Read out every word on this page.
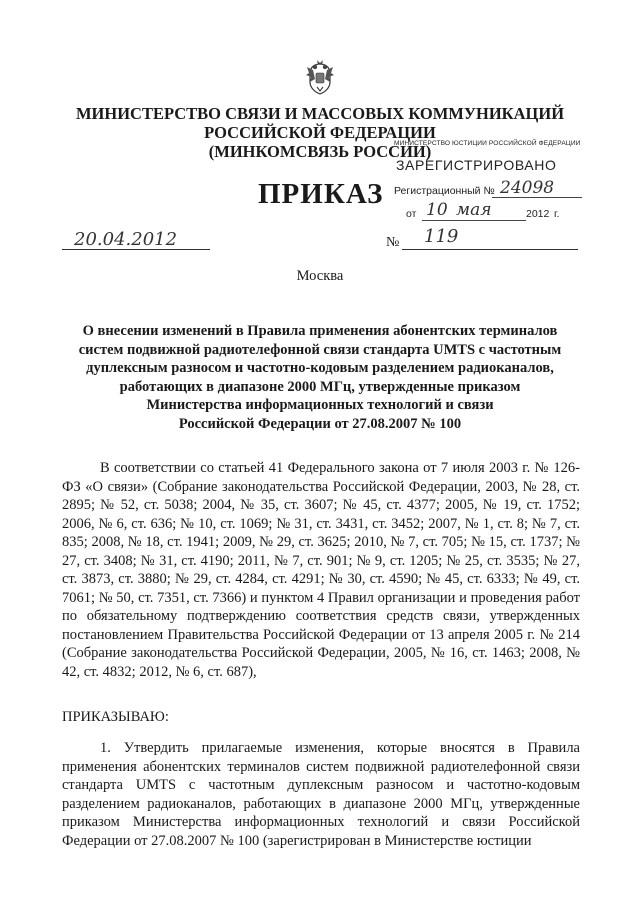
МИНИСТЕРСТВО СВЯЗИ И МАССОВЫХ КОММУНИКАЦИЙ
РОССИЙСКОЙ ФЕДЕРАЦИИ
(МИНКОМСВЯЗЬ РОССИИ)
ПРИКАЗ
МИНИСТЕРСТВО ЮСТИЦИИ РОССИЙСКОЙ ФЕДЕРАЦИИ
ЗАРЕГИСТРИРОВАНО
Регистрационный № 24098
от 10 мая	2012 г.
20.04.2012	№ 119
Москва
О внесении изменений в Правила применения абонентских терминалов
систем подвижной радиотелефонной связи стандарта UMTS с частотным
дуплексным разносом и частотно-кодовым разделением радиоканалов,
работающих в диапазоне 2000 МГц, утвержденные приказом
Министерства информационных технологий и связи
Российской Федерации от 27.08.2007 № 100
В соответствии со статьей 41 Федерального закона от 7 июля 2003 г. № 126-ФЗ «О связи» (Собрание законодательства Российской Федерации, 2003, № 28, ст. 2895; № 52, ст. 5038; 2004, № 35, ст. 3607; № 45, ст. 4377; 2005, № 19, ст. 1752; 2006, № 6, ст. 636; № 10, ст. 1069; № 31, ст. 3431, ст. 3452; 2007, № 1, ст. 8; № 7, ст. 835; 2008, № 18, ст. 1941; 2009, № 29, ст. 3625; 2010, № 7, ст. 705; № 15, ст. 1737; № 27, ст. 3408; № 31, ст. 4190; 2011, № 7, ст. 901; № 9, ст. 1205; № 25, ст. 3535; № 27, ст. 3873, ст. 3880; № 29, ст. 4284, ст. 4291; № 30, ст. 4590; № 45, ст. 6333; № 49, ст. 7061; № 50, ст. 7351, ст. 7366) и пунктом 4 Правил организации и проведения работ по обязательному подтверждению соответствия средств связи, утвержденных постановлением Правительства Российской Федерации от 13 апреля 2005 г. № 214 (Собрание законодательства Российской Федерации, 2005, № 16, ст. 1463; 2008, № 42, ст. 4832; 2012, № 6, ст. 687),
ПРИКАЗЫВАЮ:
1. Утвердить прилагаемые изменения, которые вносятся в Правила применения абонентских терминалов систем подвижной радиотелефонной связи стандарта UMTS с частотным дуплексным разносом и частотно-кодовым разделением радиоканалов, работающих в диапазоне 2000 МГц, утвержденные приказом Министерства информационных технологий и связи Российской Федерации от 27.08.2007 № 100 (зарегистрирован в Министерстве юстиции
